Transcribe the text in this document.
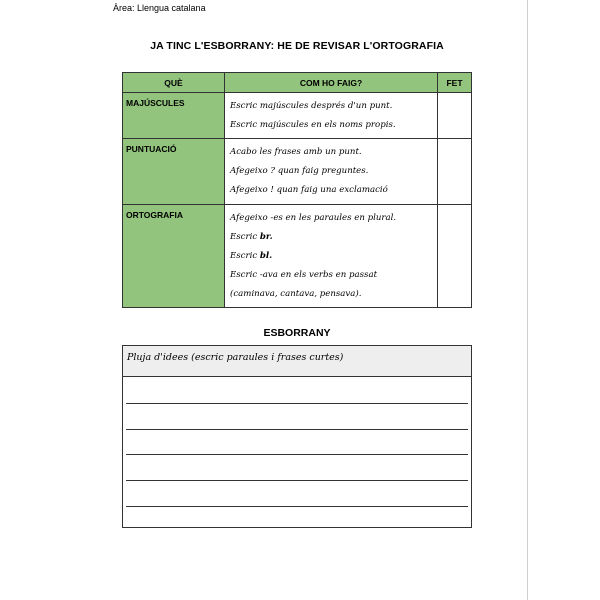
Àrea: Llengua catalana
JA TINC L'ESBORRANY: HE DE REVISAR L'ORTOGRAFIA
QUÈ	COM HO FAIG?	FET
MAJÚSCULES	Escric majúscules després d'un punt.
Escric majúscules en els noms propis.	

PUNTUACIÓ	Acabo les frases amb un punt.
Afegeixo ? quan faig preguntes.
Afegeixo ! quan faig una exclamació	

ORTOGRAFIA	Afegeixo -es en les paraules en plural.
Escric br.
Escric bl.
Escric -ava en els verbs en passat
(caminava, cantava, pensava).	

ESBORRANY
Pluja d'idees (escric paraules i frases curtes)
